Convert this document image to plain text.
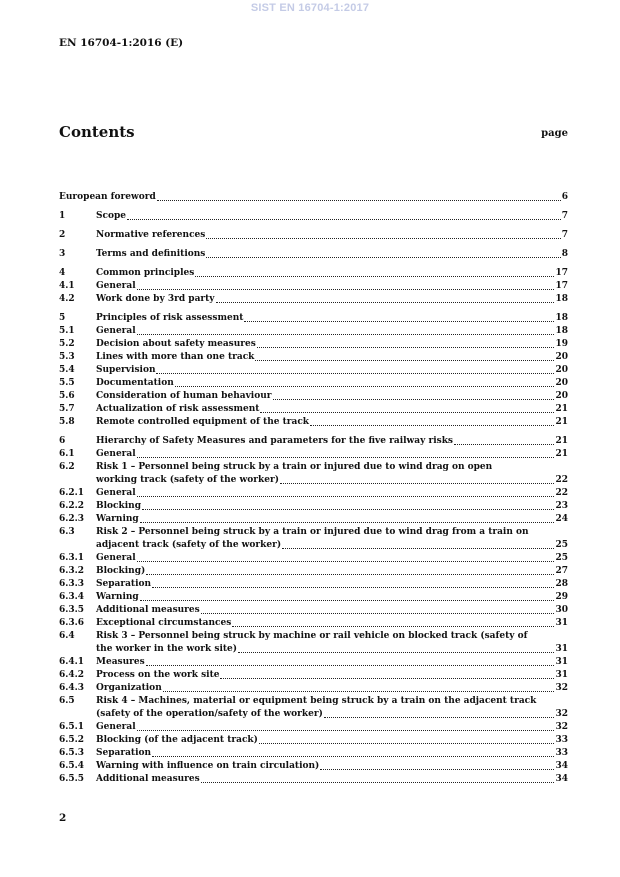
SIST EN 16704-1:2017
EN 16704-1:2016 (E)
Contents	page
European foreword	6
1	Scope	7
2	Normative references	7
3	Terms and definitions	8
4	Common principles	17
4.1	General	17
4.2	Work done by 3rd party	18
5	Principles of risk assessment	18
5.1	General	18
5.2	Decision about safety measures	19
5.3	Lines with more than one track	20
5.4	Supervision	20
5.5	Documentation	20
5.6	Consideration of human behaviour	20
5.7	Actualization of risk assessment	21
5.8	Remote controlled equipment of the track	21
6	Hierarchy of Safety Measures and parameters for the five railway risks	21
6.1	General	21
6.2	Risk 1 – Personnel being struck by a train or injured due to wind drag on open
working track (safety of the worker)	22
6.2.1	General	22
6.2.2	Blocking	23
6.2.3	Warning	24
6.3	Risk 2 – Personnel being struck by a train or injured due to wind drag from a train on
adjacent track (safety of the worker)	25
6.3.1	General	25
6.3.2	Blocking)	27
6.3.3	Separation	28
6.3.4	Warning	29
6.3.5	Additional measures	30
6.3.6	Exceptional circumstances	31
6.4	Risk 3 – Personnel being struck by machine or rail vehicle on blocked track (safety of
the worker in the work site)	31
6.4.1	Measures	31
6.4.2	Process on the work site	31
6.4.3	Organization	32
6.5	Risk 4 – Machines, material or equipment being struck by a train on the adjacent track
(safety of the operation/safety of the worker)	32
6.5.1	General	32
6.5.2	Blocking (of the adjacent track)	33
6.5.3	Separation	33
6.5.4	Warning with influence on train circulation)	34
6.5.5	Additional measures	34
2
